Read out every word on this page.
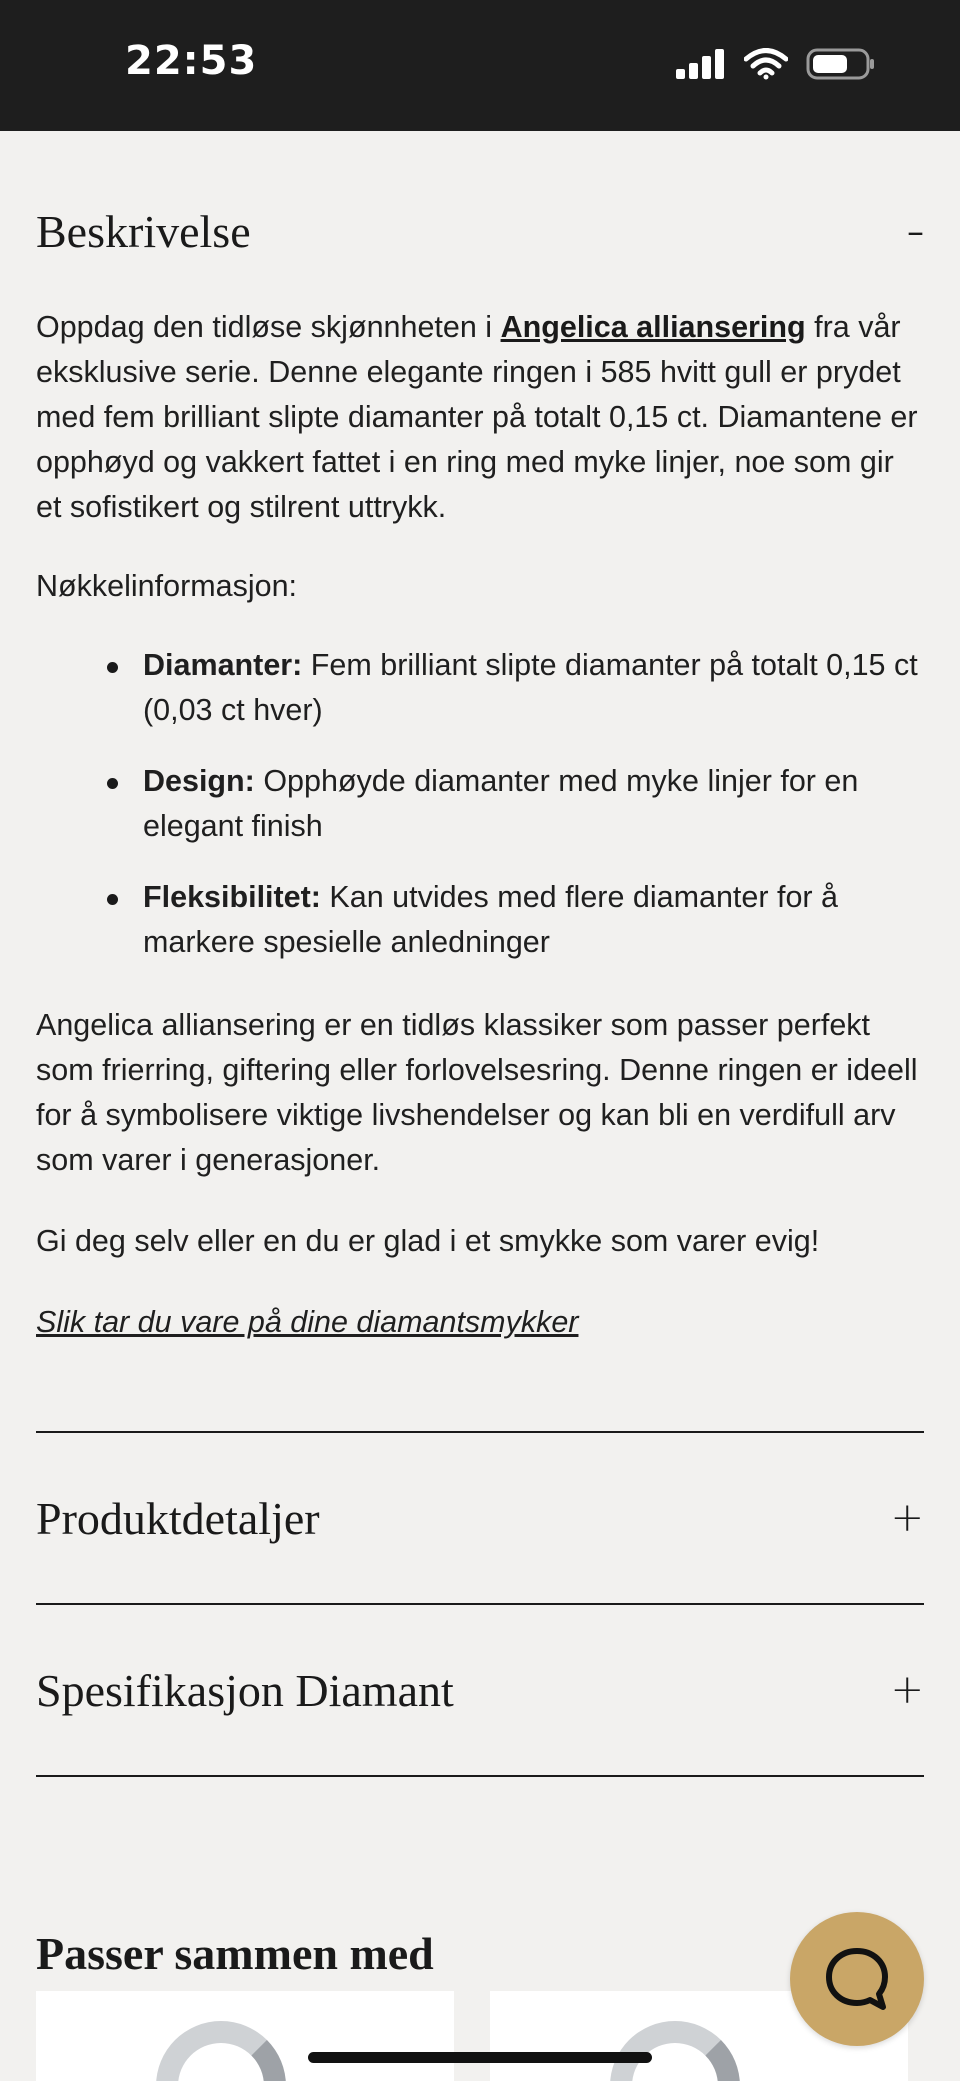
22:53
Beskrivelse	–

Oppdag den tidløse skjønnheten i Angelica alliansering fra vår eksklusive serie. Denne elegante ringen i 585 hvitt gull er prydet med fem brilliant slipte diamanter på totalt 0,15 ct. Diamantene er opphøyd og vakkert fattet i en ring med myke linjer, noe som gir et sofistikert og stilrent uttrykk.

Nøkkelinformasjon:

Diamanter: Fem brilliant slipte diamanter på totalt 0,15 ct (0,03 ct hver)
Design: Opphøyde diamanter med myke linjer for en elegant finish
Fleksibilitet: Kan utvides med flere diamanter for å markere spesielle anledninger

Angelica alliansering er en tidløs klassiker som passer perfekt som frierring, giftering eller forlovelsesring. Denne ringen er ideell for å symbolisere viktige livshendelser og kan bli en verdifull arv som varer i generasjoner.

Gi deg selv eller en du er glad i et smykke som varer evig!

Slik tar du vare på dine diamantsmykker
Produktdetaljer	+
Spesifikasjon Diamant	+
Passer sammen med
